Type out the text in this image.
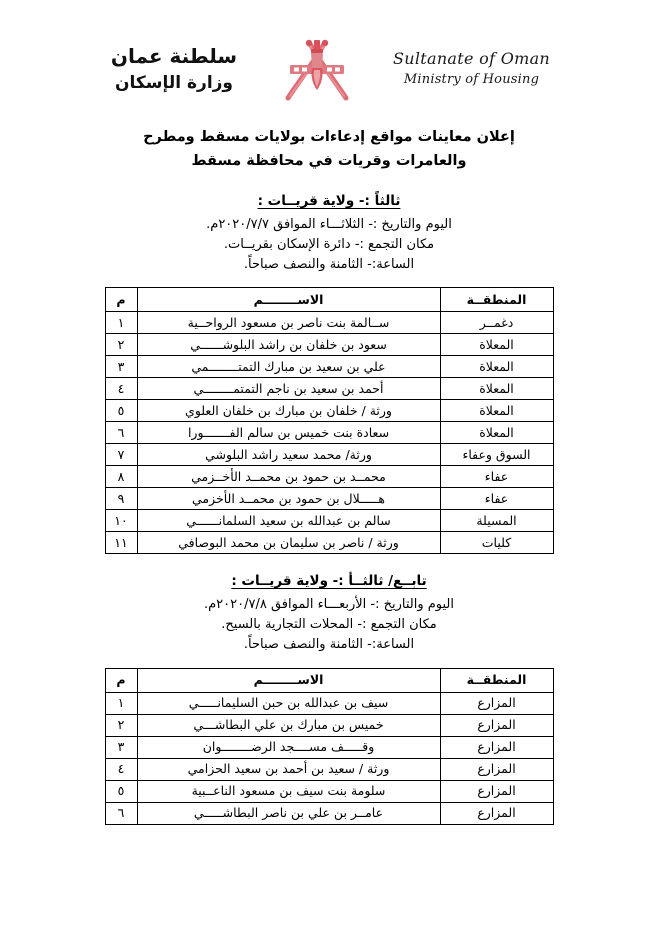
Sultanate of Oman
Ministry of Housing
سلطنة عمان
وزارة الإسكان
إعلان معاينات مواقع إدعاءات بولايات مسقط ومطرح
والعامرات وقريات في محافظة مسقط
ثالثاً :- ولاية قريــات :
اليوم والتاريخ :- الثلاثـــاء الموافق ٢٠٢٠/٧/٧م.
مكان التجمع :- دائرة الإسكان بقريــات.
الساعة:- الثامنة والنصف صباحاً.
المنطقــة	الاســــــــم	م
دغمــر	ســالمة بنت ناصر بن مسعود الرواحــية	١
المعلاة	سعود بن خلفان بن راشد البلوشــــــي	٢
المعلاة	علي بن سعيد بن مبارك التمتــــــــمي	٣
المعلاة	أحمد بن سعيد بن ناجم التمتمــــــــي	٤
المعلاة	ورثة / خلفان بن مبارك بن خلفان العلوي	٥
المعلاة	سعادة بنت خميس بن سالم الفـــــــورا	٦
السوق وعفاء	ورثة/ محمد سعيد راشد البلوشي	٧
عفاء	محمــد بن حمود بن محمــد الأخــزمي	٨
عفاء	هـــــلال بن حمود بن محمــد الأخزمي	٩
المسيلة	سالم بن عبدالله بن سعيد السلمانــــــي	١٠
كليات	ورثة / ناصر بن سليمان بن محمد البوصافي	١١
تابــع/ ثالثــأ :- ولاية قريــات :
اليوم والتاريخ :- الأربعـــاء الموافق ٢٠٢٠/٧/٨م.
مكان التجمع :- المحلات التجارية بالسيح.
الساعة:- الثامنة والنصف صباحاً.
المنطقــة	الاســــــــم	م
المزارع	سيف بن عبدالله بن حبن السليمانـــــي	١
المزارع	خميس بن مبارك بن علي البطاشـــي	٢
المزارع	وقـــــف مســــجد الرضــــــــوان	٣
المزارع	ورثة / سعيد بن أحمد بن سعيد الحزامي	٤
المزارع	سلومة بنت سيف بن مسعود الناعــبية	٥
المزارع	عامــر بن علي بن ناصر البطاشـــــي	٦
